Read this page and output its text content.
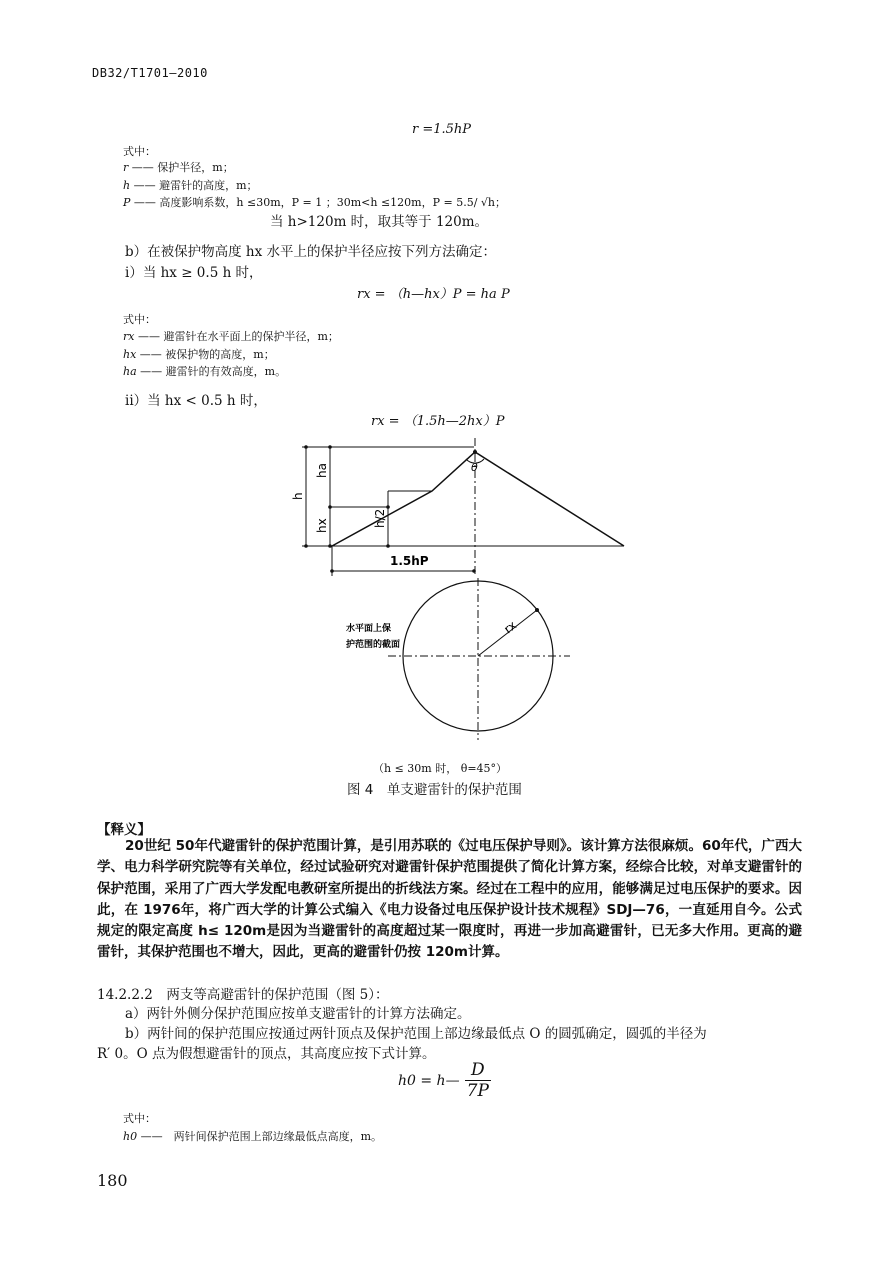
DB32/T1701—2010
r =1.5hP
式中：
r —— 保护半径，m；
h —— 避雷针的高度，m；
P —— 高度影响系数，h ≤30m，P = 1 ；30m<h ≤120m，P = 5.5/ √h；
当 h>120m 时，取其等于 120m。
b）在被保护物高度 hx 水平上的保护半径应按下列方法确定：
i）当 hx ≥ 0.5 h 时，
rx = （h—hx）P = ha P
式中：
rx —— 避雷针在水平面上的保护半径，m；
hx —— 被保护物的高度，m；
ha —— 避雷针的有效高度，m。
ii）当 hx < 0.5 h 时，
rx = （1.5h—2hx）P
h
ha
hx	h/2
θ
1.5hP
rx
水平面上保
护范围的截面
（h ≤ 30m 时， θ=45°）
图 4　单支避雷针的保护范围
【释义】
20世纪 50年代避雷针的保护范围计算，是引用苏联的《过电压保护导则》。该计算方法很麻烦。60年代，广西大学、电力科学研究院等有关单位，经过试验研究对避雷针保护范围提供了简化计算方案，经综合比较，对单支避雷针的保护范围，采用了广西大学发配电教研室所提出的折线法方案。经过在工程中的应用，能够满足过电压保护的要求。因此，在 1976年，将广西大学的计算公式编入《电力设备过电压保护设计技术规程》SDJ—76，一直延用自今。公式规定的限定高度 h≤ 120m是因为当避雷针的高度超过某一限度时，再进一步加高避雷针，已无多大作用。更高的避雷针，其保护范围也不增大，因此，更高的避雷针仍按 120m计算。
14.2.2.2　两支等高避雷针的保护范围（图 5）：
a）两针外侧分保护范围应按单支避雷针的计算方法确定。
b）两针间的保护范围应按通过两针顶点及保护范围上部边缘最低点 O 的圆弧确定，圆弧的半径为
R′ 0。O 点为假想避雷针的顶点，其高度应按下式计算。
h0 = h— $\frac{D}{7P}$
式中：
h0 ——　两针间保护范围上部边缘最低点高度，m。
180
